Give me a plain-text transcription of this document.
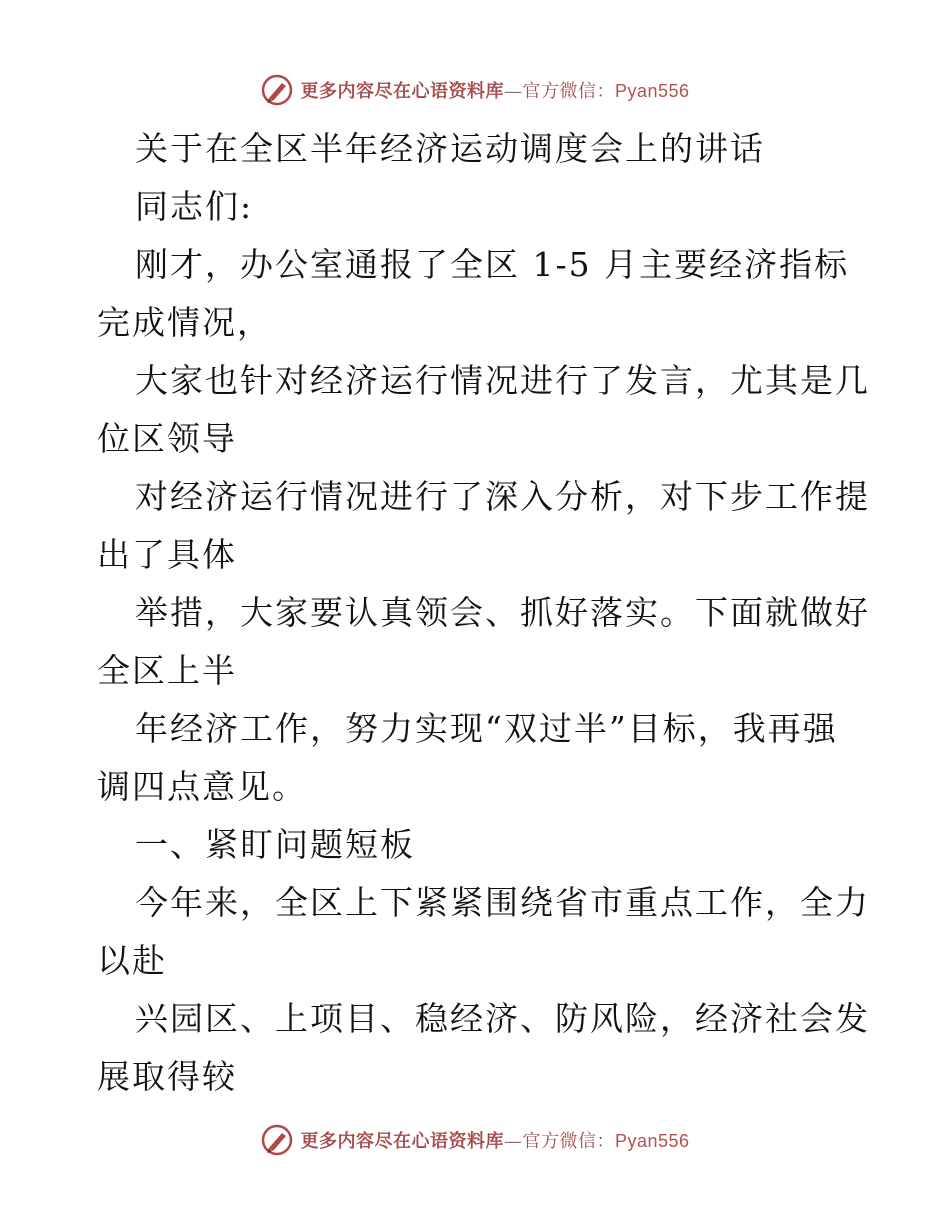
更多内容尽在心语资料库—官方微信：Pyan556
关于在全区半年经济运动调度会上的讲话
同志们:
刚才，办公室通报了全区 1-5 月主要经济指标
完成情况，
大家也针对经济运行情况进行了发言，尤其是几
位区领导
对经济运行情况进行了深入分析，对下步工作提
出了具体
举措，大家要认真领会、抓好落实。下面就做好
全区上半
年经济工作，努力实现“双过半”目标，我再强
调四点意见。
一、紧盯问题短板
今年来，全区上下紧紧围绕省市重点工作，全力
以赴
兴园区、上项目、稳经济、防风险，经济社会发
展取得较
更多内容尽在心语资料库—官方微信：Pyan556
